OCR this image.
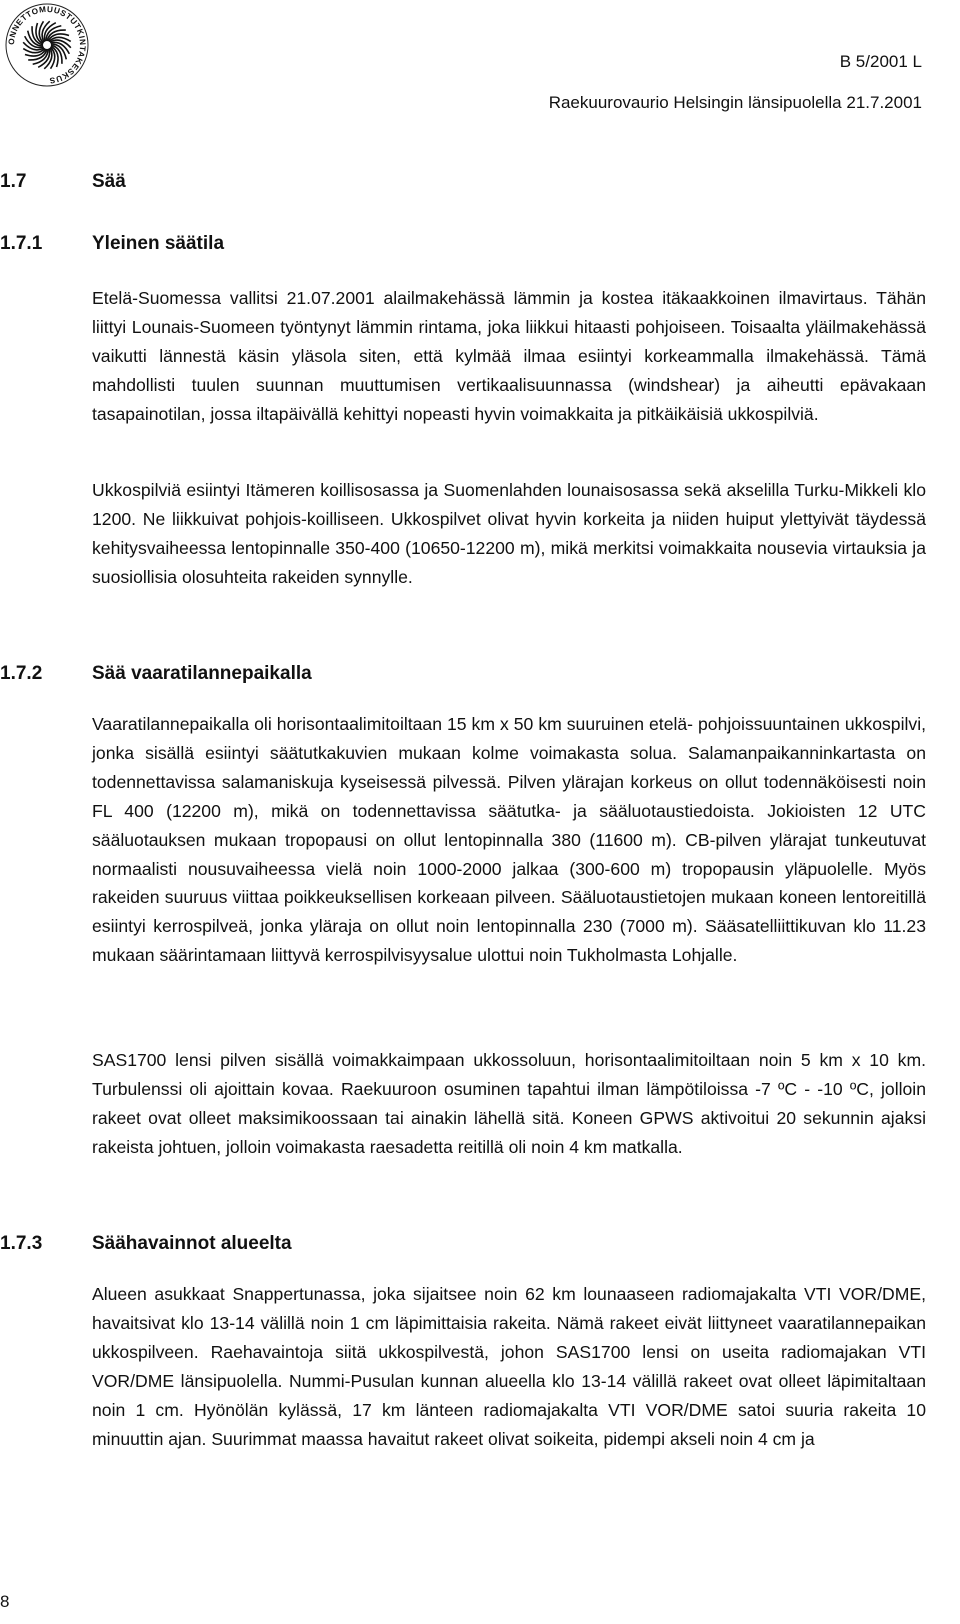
ONNETTOMUUSTUTKINTAKESKUS
B 5/2001 L
Raekuurovaurio Helsingin länsipuolella 21.7.2001
1.7	Sää
1.7.1	Yleinen säätila

Etelä-Suomessa vallitsi 21.07.2001 alailmakehässä lämmin ja kostea itäkaakkoinen ilmavirtaus. Tähän liittyi Lounais-Suomeen työntynyt lämmin rintama, joka liikkui hitaasti pohjoiseen. Toisaalta yläilmakehässä vaikutti lännestä käsin yläsola siten, että kylmää ilmaa esiintyi korkeammalla ilmakehässä. Tämä mahdollisti tuulen suunnan muuttumisen vertikaalisuunnassa (windshear) ja aiheutti epävakaan tasapainotilan, jossa iltapäivällä kehittyi nopeasti hyvin voimakkaita ja pitkäikäisiä ukkospilviä.

Ukkospilviä esiintyi Itämeren koillisosassa ja Suomenlahden lounaisosassa sekä akselilla Turku-Mikkeli klo 1200. Ne liikkuivat pohjois-koilliseen. Ukkospilvet olivat hyvin korkeita ja niiden huiput ylettyivät täydessä kehitysvaiheessa lentopinnalle 350-400 (10650-12200 m), mikä merkitsi voimakkaita nousevia virtauksia ja suosiollisia olosuhteita rakeiden synnylle.

1.7.2	Sää vaaratilannepaikalla

Vaaratilannepaikalla oli horisontaalimitoiltaan 15 km x 50 km suuruinen etelä- pohjoissuuntainen ukkospilvi, jonka sisällä esiintyi säätutkakuvien mukaan kolme voimakasta solua. Salamanpaikanninkartasta on todennettavissa salamaniskuja kyseisessä pilvessä. Pilven ylärajan korkeus on ollut todennäköisesti noin FL 400 (12200 m), mikä on todennettavissa säätutka- ja sääluotaustiedoista. Jokioisten 12 UTC sääluotauksen mukaan tropopausi on ollut lentopinnalla 380 (11600 m). CB-pilven ylärajat tunkeutuvat normaalisti nousuvaiheessa vielä noin 1000-2000 jalkaa (300-600 m) tropopausin yläpuolelle. Myös rakeiden suuruus viittaa poikkeuksellisen korkeaan pilveen. Sääluotaustietojen mukaan koneen lentoreitillä esiintyi kerrospilveä, jonka yläraja on ollut noin lentopinnalla 230 (7000 m). Sääsatelliittikuvan klo 11.23 mukaan säärintamaan liittyvä kerrospilvisyysalue ulottui noin Tukholmasta Lohjalle.

SAS1700 lensi pilven sisällä voimakkaimpaan ukkossoluun, horisontaalimitoiltaan noin 5 km x 10 km. Turbulenssi oli ajoittain kovaa. Raekuuroon osuminen tapahtui ilman lämpötiloissa -7 ºC - -10 ºC, jolloin rakeet ovat olleet maksimikoossaan tai ainakin lähellä sitä. Koneen GPWS aktivoitui 20 sekunnin ajaksi rakeista johtuen, jolloin voimakasta raesadetta reitillä oli noin 4 km matkalla.

1.7.3	Säähavainnot alueelta

Alueen asukkaat Snappertunassa, joka sijaitsee noin 62 km lounaaseen radiomajakalta VTI VOR/DME, havaitsivat klo 13-14 välillä noin 1 cm läpimittaisia rakeita. Nämä rakeet eivät liittyneet vaaratilannepaikan ukkospilveen. Raehavaintoja siitä ukkospilvestä, johon SAS1700 lensi on useita radiomajakan VTI VOR/DME länsipuolella. Nummi-Pusulan kunnan alueella klo 13-14 välillä rakeet ovat olleet läpimitaltaan noin 1 cm. Hyönölän kylässä, 17 km länteen radiomajakalta VTI VOR/DME satoi suuria rakeita 10 minuuttin ajan. Suurimmat maassa havaitut rakeet olivat soikeita, pidempi akseli noin 4 cm ja

8
